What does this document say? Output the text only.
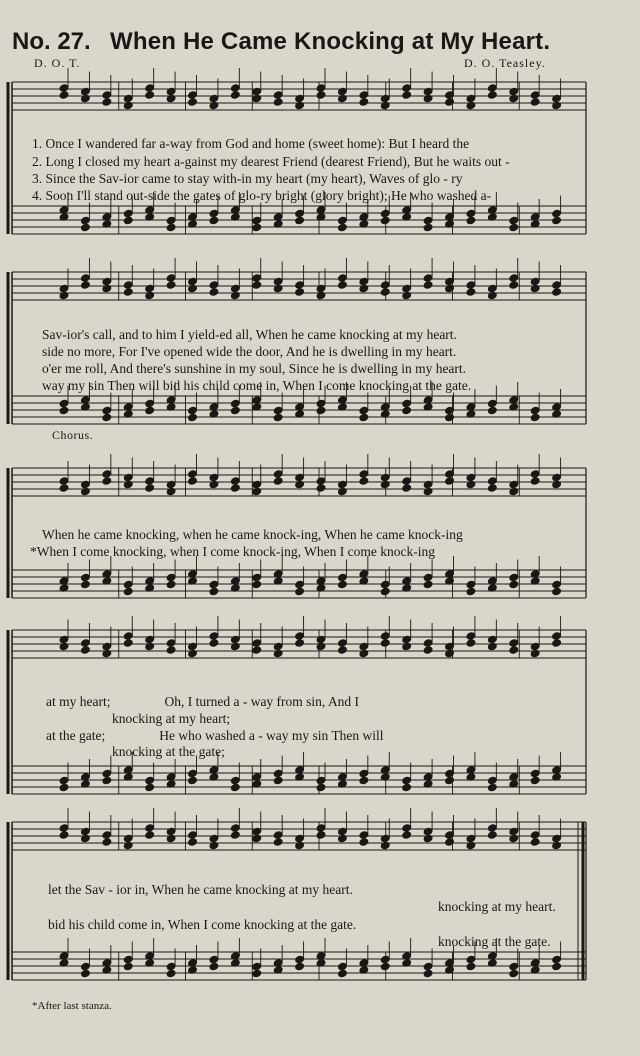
No. 27. When He Came Knocking at My Heart.
D. O. T.	D. O. Teasley.
1. Once I wandered far a-way from God and home (sweet home): But I heard the
2. Long I closed my heart a-gainst my dearest Friend (dearest Friend), But he waits out -
3. Since the Sav-ior came to stay with-in my heart (my heart), Waves of glo - ry
4. Soon I'll stand out-side the gates of glo-ry bright (glory bright); He who washed a-
Sav-ior's call, and to him I yield-ed all, When he came knocking at my heart.
side no more, For I've opened wide the door, And he is dwelling in my heart.
o'er me roll, And there's sunshine in my soul, Since he is dwelling in my heart.
way my sin Then will bid his child come in, When I come knocking at the gate.
Chorus.
When he came knocking, when he came knock-ing, When he came knock-ing
*When I come knocking, when I come knock-ing, When I come knock-ing
at my heart;                Oh, I turned a - way from sin, And I
knocking at my heart;
at the gate;                He who washed a - way my sin Then will
knocking at the gate;
let the Sav - ior in, When he came knocking at my heart.
knocking at my heart.
bid his child come in, When I come knocking at the gate.
knocking at the gate.
*After last stanza.
